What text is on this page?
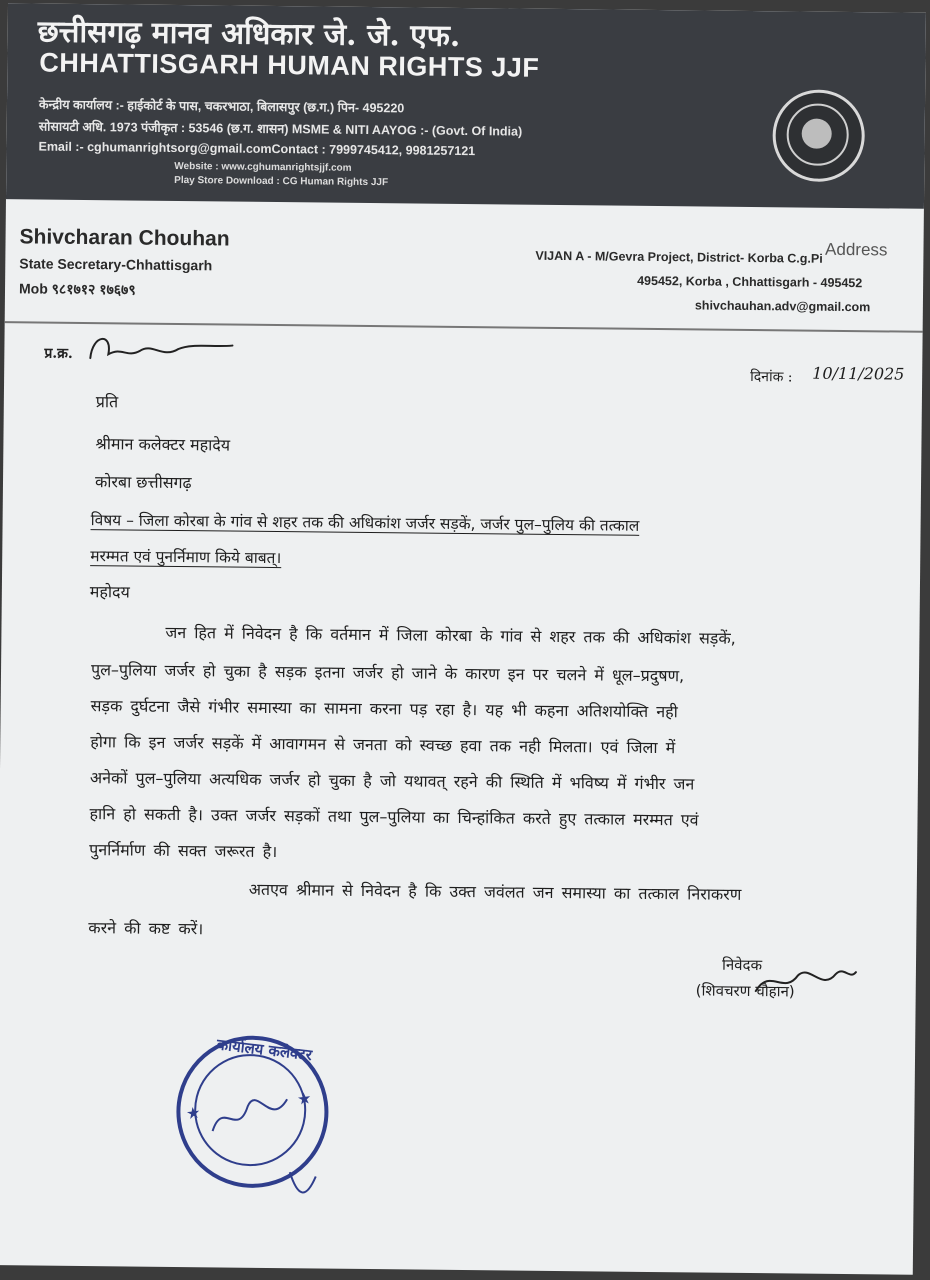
छत्तीसगढ़ मानव अधिकार जे. जे. एफ.
CHHATTISGARH HUMAN RIGHTS JJF
केन्द्रीय कार्यालय :- हाईकोर्ट के पास, चकरभाठा, बिलासपुर (छ.ग.) पिन- 495220
सोसायटी अधि. 1973 पंजीकृत : 53546 (छ.ग. शासन) MSME & NITI AAYOG :- (Govt. Of India)
Email :- cghumanrightsorg@gmail.comContact : 7999745412, 9981257121
Website : www.cghumanrightsjjf.com
Play Store Download : CG Human Rights JJF
Shivcharan Chouhan
State Secretary-Chhattisgarh
Mob ९८१७१२ १७६७९
Address
VIJAN A - M/Gevra Project, District- Korba C.g.Pi
495452, Korba , Chhattisgarh - 495452
shivchauhan.adv@gmail.com
प्र.क्र.
दिनांक : 10/11/2025
प्रति
श्रीमान कलेक्टर महादेय
कोरबा छत्तीसगढ़
विषय – जिला कोरबा के गांव से शहर तक की अधिकांश जर्जर सड़कें, जर्जर पुल–पुलिय की तत्काल
मरम्मत एवं पुनर्निमाण किये बाबत्।
महोदय
जन हित में निवेदन है कि वर्तमान में जिला कोरबा के गांव से शहर तक की अधिकांश सड़कें,
पुल–पुलिया जर्जर हो चुका है सड़क इतना जर्जर हो जाने के कारण इन पर चलने में धूल–प्रदुषण,
सड़क दुर्घटना जैसे गंभीर समास्या का सामना करना पड़ रहा है। यह भी कहना अतिशयोक्ति नही
होगा कि इन जर्जर सड़कें में आवागमन से जनता को स्वच्छ हवा तक नही मिलता। एवं जिला में
अनेकों पुल–पुलिया अत्यधिक जर्जर हो चुका है जो यथावत् रहने की स्थिति में भविष्य में गंभीर जन
हानि हो सकती है। उक्त जर्जर सड़कों तथा पुल–पुलिया का चिन्हांकित करते हुए तत्काल मरम्मत एवं
पुनर्निर्माण की सक्त जरूरत है।
अतएव श्रीमान से निवेदन है कि उक्त जवंलत जन समास्या का तत्काल निराकरण
करने की कष्ट करें।
निवेदक
(शिवचरण चौहान)
कार्यालय कलेक्टर
★
★
